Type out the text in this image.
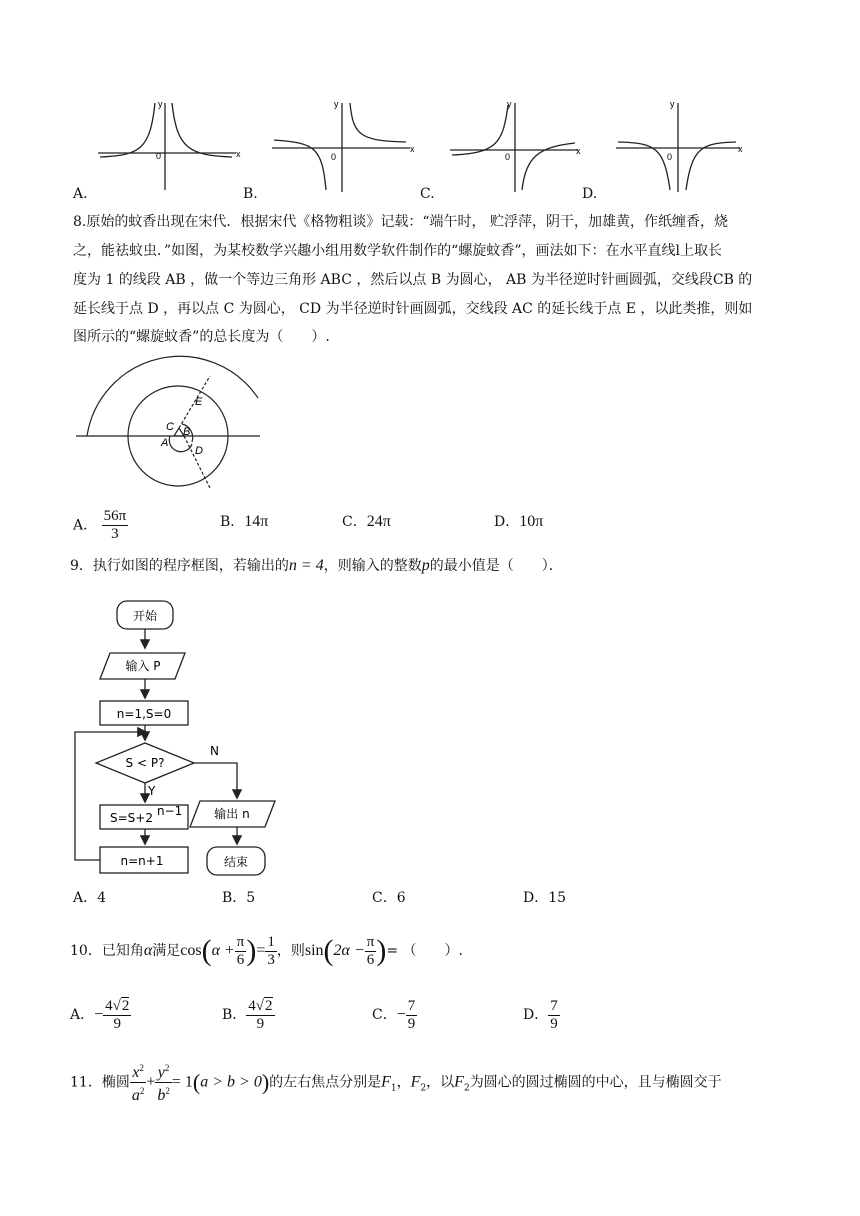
y
x
0
y
x
0
y
x
0
y
x
0
A.	B.	C.	D.
8.原始的蚊香出现在宋代．根据宋代《格物粗谈》记载：“端午时， 贮浮萍，阴干，加雄黄，作纸缠香，烧
之，能祛蚊虫．”如图，为某校数学兴趣小组用数学软件制作的“螺旋蚊香”，画法如下：在水平直线l上取长
度为 1 的线段 AB ，做一个等边三角形 ABC ，然后以点 B 为圆心， AB 为半径逆时针画圆弧，交线段CB 的
延长线于点 D ，再以点 C 为圆心， CD 为半径逆时针画圆弧，交线段 AC 的延长线于点 E ，以此类推，则如
图所示的“螺旋蚊香”的总长度为（　　）.
C B
A
D
E
A． $\frac{56\pi}{3}$	B．14π	C．24π	D．10π
9．执行如图的程序框图，若输出的n = 4，则输入的整数p的最小值是（　　）．
开始
输入 P
n=1,S=0
S < P?
Y
N
S=S+2 n−1
n=n+1
输出 n
结束
A．4	B．5	C．6	D．15
10．已知角α满足$\cos(\alpha + \frac{\pi}{6}$ )= $\frac{1}{3}$ ，则$\sin(2\alpha - \frac{\pi}{6}$ )= （　　）.
A．− $\frac{4√2}{9}$	B． $\frac{4√2}{9}$	C．− $\frac{7}{9}$	D． $\frac{7}{9}$
11．椭圆 $\frac{x^2}{a^2} + \frac{y^2}{b^2} = 1(a > b > 0)$的左右焦点分别是$F_1$，$F_2$，以$F_2$为圆心的圆过椭圆的中心，且与椭圆交于
